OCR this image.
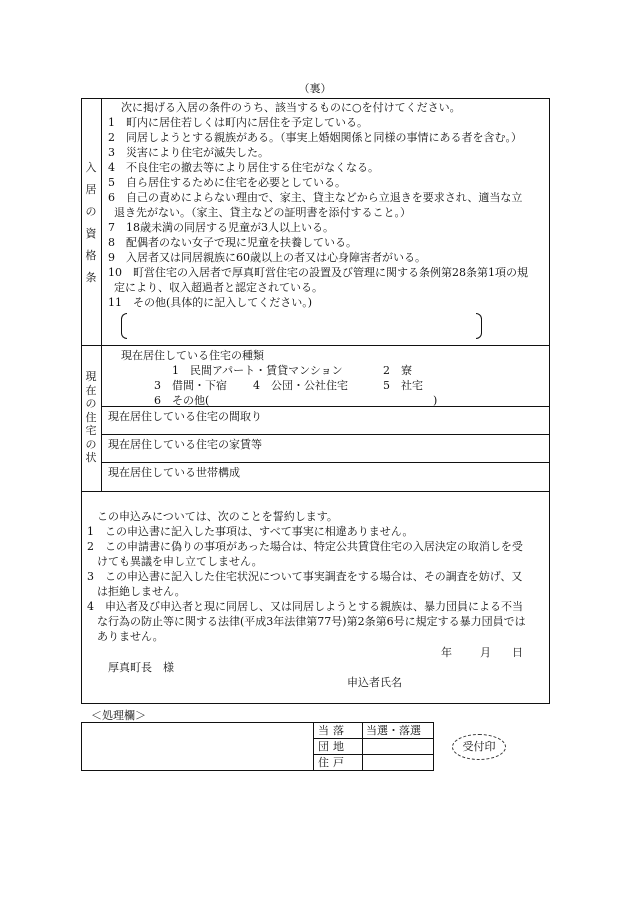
（裏）
入
居
の
資
格
条
現
在
の
住
宅
の
状
次に掲げる入居の条件のうち、該当するものに○を付けてください。
1　町内に居住若しくは町内に居住を予定している。
2　同居しようとする親族がある。（事実上婚姻関係と同様の事情にある者を含む。）
3　災害により住宅が滅失した。
4　不良住宅の撤去等により居住する住宅がなくなる。
5　自ら居住するために住宅を必要としている。
6　自己の責めによらない理由で、家主、貸主などから立退きを要求され、適当な立
退き先がない。（家主、貸主などの証明書を添付すること。）
7　18歳未満の同居する児童が3人以上いる。
8　配偶者のない女子で現に児童を扶養している。
9　入居者又は同居親族に60歳以上の者又は心身障害者がいる。
10　町営住宅の入居者で厚真町営住宅の設置及び管理に関する条例第28条第1項の規
定により、収入超過者と認定されている。
11　その他(具体的に記入してください。)
現在居住している住宅の種類
1　民間アパート・賃貸マンション	2　寮
3　借間・下宿 4　公団・公社住宅	5　社宅
6　その他(	)
現在居住している住宅の間取り
現在居住している住宅の家賃等
現在居住している世帯構成
この申込みについては、次のことを誓約します。
1　この申込書に記入した事項は、すべて事実に相違ありません。
2　この申請書に偽りの事項があった場合は、特定公共賃貸住宅の入居決定の取消しを受
けても異議を申し立てしません。
3　この申込書に記入した住宅状況について事実調査をする場合は、その調査を妨げ、又
は拒絶しません。
4　申込者及び申込者と現に同居し、又は同居しようとする親族は、暴力団員による不当
な行為の防止等に関する法律(平成3年法律第77号)第2条第6号に規定する暴力団員では
ありません。
年	月 日
厚真町長　様
申込者氏名
＜処理欄＞
当落 当選・落選
団地
住戸
受付印
